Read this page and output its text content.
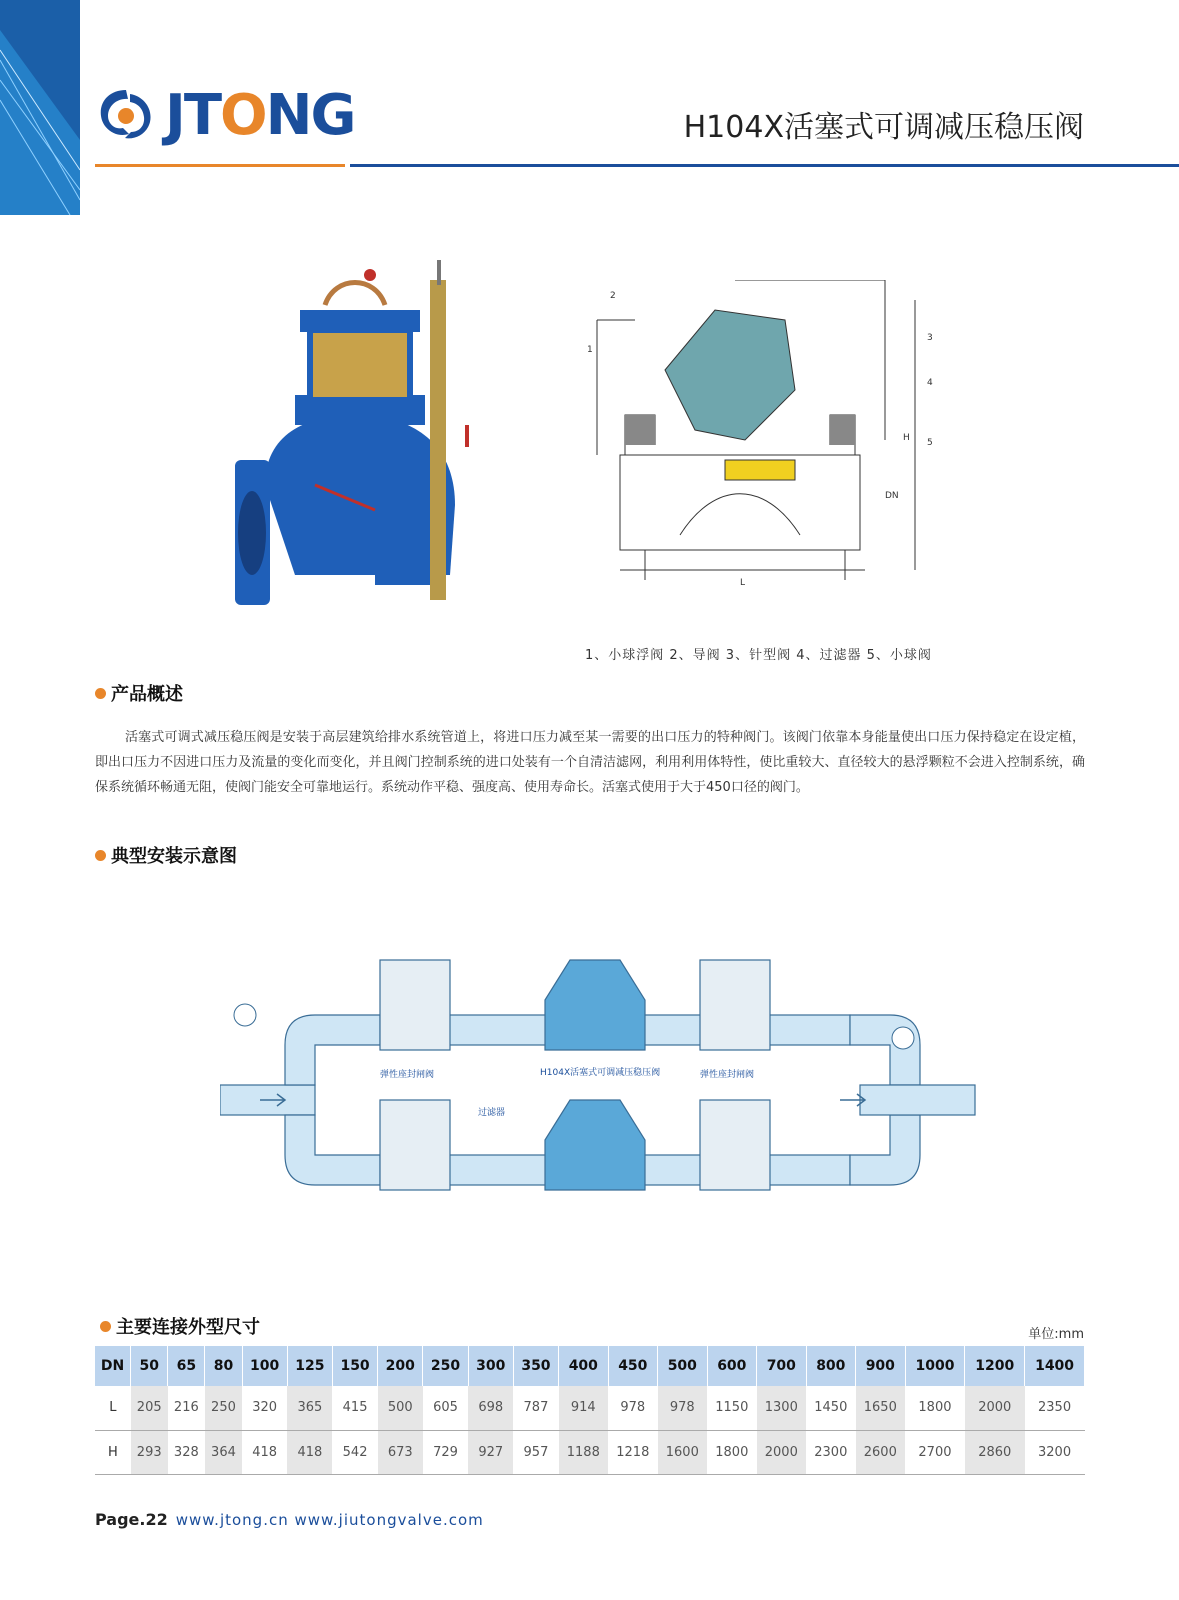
JTONG	H104X活塞式可调减压稳压阀
2
1
3
4
5
L
DN
H
1、小球浮阀 2、导阀 3、针型阀 4、过滤器 5、小球阀
产品概述
活塞式可调式减压稳压阀是安装于高层建筑给排水系统管道上，将进口压力减至某一需要的出口压力的特种阀门。该阀门依靠本身能量使出口压力保持稳定在设定植，即出口压力不因进口压力及流量的变化而变化，并且阀门控制系统的进口处装有一个自清洁滤网，利用利用体特性，使比重较大、直径较大的悬浮颗粒不会进入控制系统，确保系统循环畅通无阻，使阀门能安全可靠地运行。系统动作平稳、强度高、使用寿命长。活塞式使用于大于450口径的阀门。
典型安装示意图
弹性座封闸阀	H104X活塞式可调减压稳压阀	弹性座封闸阀
过滤器
主要连接外型尺寸	单位:mm
DN	50	65	80	100	125	150	200	250	300	350	400	450	500	600	700	800	900	1000	1200	1400
L	205	216	250	320	365	415	500	605	698	787	914	978	978	1150	1300	1450	1650	1800	2000	2350
H	293	328	364	418	418	542	673	729	927	957	1188	1218	1600	1800	2000	2300	2600	2700	2860	3200
Page.22 www.jtong.cn www.jiutongvalve.com
